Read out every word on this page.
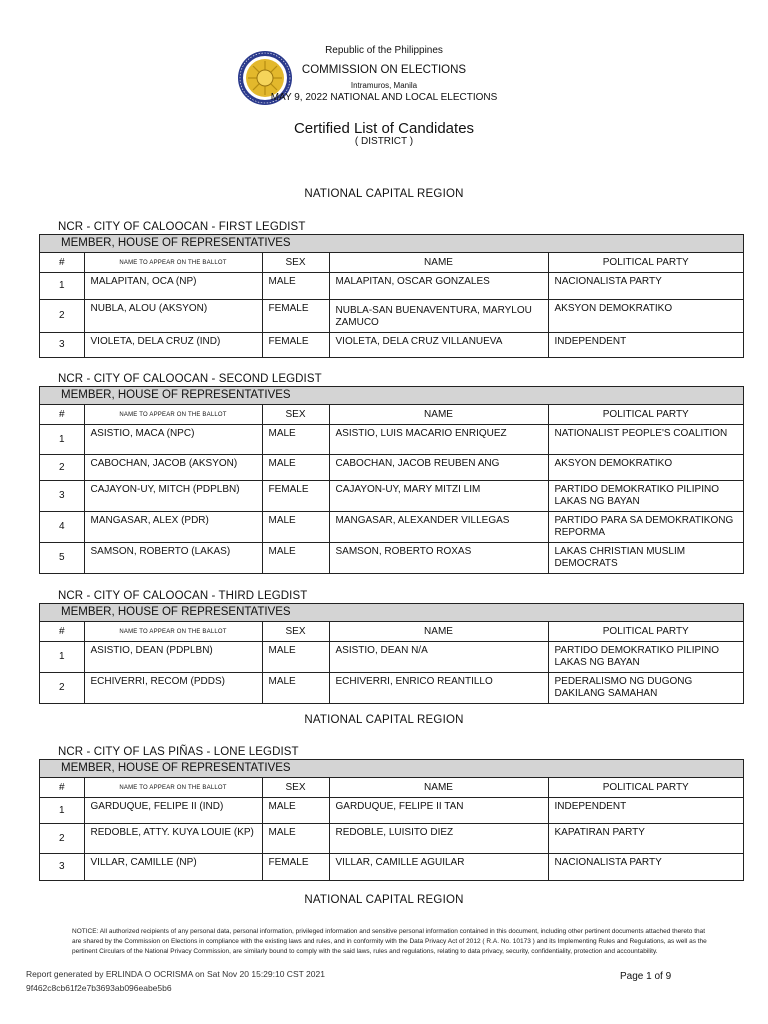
Republic of the Philippines
COMMISSION ON ELECTIONS
Intramuros, Manila
MAY 9, 2022 NATIONAL AND LOCAL ELECTIONS
Certified List of Candidates
( DISTRICT )
NATIONAL CAPITAL REGION
NCR - CITY OF CALOOCAN - FIRST LEGDIST
MEMBER, HOUSE OF REPRESENTATIVES
#	NAME TO APPEAR ON THE BALLOT	SEX	NAME	POLITICAL PARTY
1	MALAPITAN, OCA (NP)	MALE	MALAPITAN, OSCAR GONZALES	NACIONALISTA PARTY
2	NUBLA, ALOU (AKSYON)	FEMALE	NUBLA-SAN BUENAVENTURA, MARYLOU ZAMUCO	AKSYON DEMOKRATIKO
3	VIOLETA, DELA CRUZ (IND)	FEMALE	VIOLETA, DELA CRUZ VILLANUEVA	INDEPENDENT
NCR - CITY OF CALOOCAN - SECOND LEGDIST
MEMBER, HOUSE OF REPRESENTATIVES
#	NAME TO APPEAR ON THE BALLOT	SEX	NAME	POLITICAL PARTY
1	ASISTIO, MACA (NPC)	MALE	ASISTIO, LUIS MACARIO ENRIQUEZ	NATIONALIST PEOPLE'S COALITION
2	CABOCHAN, JACOB (AKSYON)	MALE	CABOCHAN, JACOB REUBEN ANG	AKSYON DEMOKRATIKO
3	CAJAYON-UY, MITCH (PDPLBN)	FEMALE	CAJAYON-UY, MARY MITZI LIM	PARTIDO DEMOKRATIKO PILIPINO LAKAS NG BAYAN
4	MANGASAR, ALEX (PDR)	MALE	MANGASAR, ALEXANDER VILLEGAS	PARTIDO PARA SA DEMOKRATIKONG REPORMA
5	SAMSON, ROBERTO (LAKAS)	MALE	SAMSON, ROBERTO ROXAS	LAKAS CHRISTIAN MUSLIM DEMOCRATS
NCR - CITY OF CALOOCAN - THIRD LEGDIST
MEMBER, HOUSE OF REPRESENTATIVES
#	NAME TO APPEAR ON THE BALLOT	SEX	NAME	POLITICAL PARTY
1	ASISTIO, DEAN (PDPLBN)	MALE	ASISTIO, DEAN N/A	PARTIDO DEMOKRATIKO PILIPINO LAKAS NG BAYAN
2	ECHIVERRI, RECOM (PDDS)	MALE	ECHIVERRI, ENRICO REANTILLO	PEDERALISMO NG DUGONG DAKILANG SAMAHAN
NATIONAL CAPITAL REGION
NCR - CITY OF LAS PIÑAS - LONE LEGDIST
MEMBER, HOUSE OF REPRESENTATIVES
#	NAME TO APPEAR ON THE BALLOT	SEX	NAME	POLITICAL PARTY
1	GARDUQUE, FELIPE II (IND)	MALE	GARDUQUE, FELIPE II TAN	INDEPENDENT
2	REDOBLE, ATTY. KUYA LOUIE (KP)	MALE	REDOBLE, LUISITO DIEZ	KAPATIRAN PARTY
3	VILLAR, CAMILLE (NP)	FEMALE	VILLAR, CAMILLE AGUILAR	NACIONALISTA PARTY
NATIONAL CAPITAL REGION
NOTICE: All authorized recipients of any personal data, personal information, privileged information and sensitive personal information contained in this document, including other pertinent documents attached thereto that are shared by the Commission on Elections in compliance with the existing laws and rules, and in conformity with the Data Privacy Act of 2012 ( R.A. No. 10173 ) and its Implementing Rules and Regulations, as well as the pertinent Circulars of the National Privacy Commission, are similarly bound to comply with the said laws, rules and regulations, relating to data privacy, security, confidentiality, protection and accountability.
Report generated by ERLINDA O OCRISMA on Sat Nov 20 15:29:10 CST 2021
9f462c8cb61f2e7b3693ab096eabe5b6
Page 1 of 9
